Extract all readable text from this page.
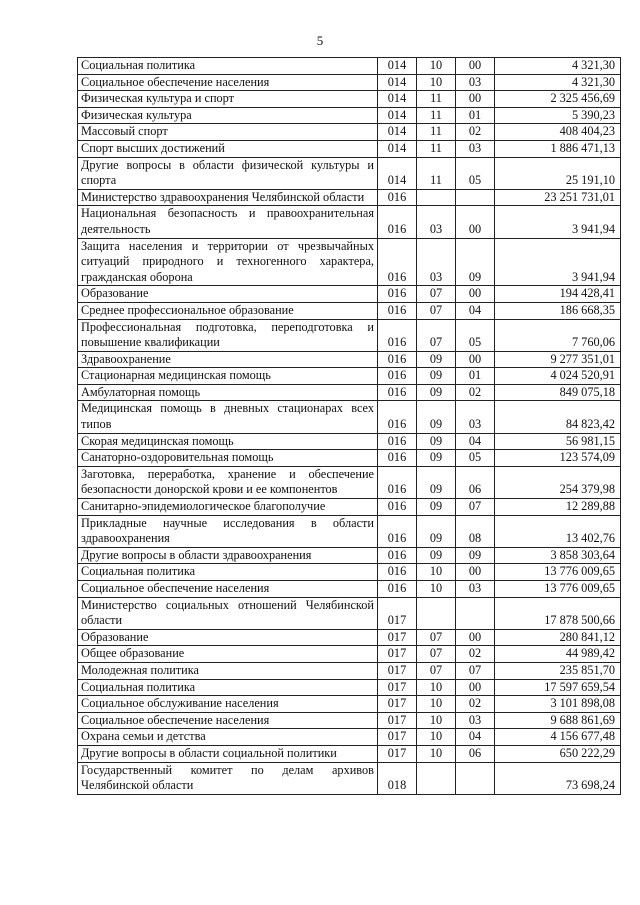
5
Социальная политика	014	10	00	4 321,30
Социальное обеспечение населения	014	10	03	4 321,30
Физическая культура и спорт	014	11	00	2 325 456,69
Физическая культура	014	11	01	5 390,23
Массовый спорт	014	11	02	408 404,23
Спорт высших достижений	014	11	03	1 886 471,13
Другие вопросы в области физической культуры и спорта	014	11	05	25 191,10
Министерство здравоохранения Челябинской области	016			23 251 731,01
Национальная безопасность и правоохранительная деятельность	016	03	00	3 941,94
Защита населения и территории от чрезвычайных ситуаций природного и техногенного характера, гражданская оборона	016	03	09	3 941,94
Образование	016	07	00	194 428,41
Среднее профессиональное образование	016	07	04	186 668,35
Профессиональная подготовка, переподготовка и повышение квалификации	016	07	05	7 760,06
Здравоохранение	016	09	00	9 277 351,01
Стационарная медицинская помощь	016	09	01	4 024 520,91
Амбулаторная помощь	016	09	02	849 075,18
Медицинская помощь в дневных стационарах всех типов	016	09	03	84 823,42
Скорая медицинская помощь	016	09	04	56 981,15
Санаторно-оздоровительная помощь	016	09	05	123 574,09
Заготовка, переработка, хранение и обеспечение безопасности донорской крови и ее компонентов	016	09	06	254 379,98
Санитарно-эпидемиологическое благополучие	016	09	07	12 289,88
Прикладные научные исследования в области здравоохранения	016	09	08	13 402,76
Другие вопросы в области здравоохранения	016	09	09	3 858 303,64
Социальная политика	016	10	00	13 776 009,65
Социальное обеспечение населения	016	10	03	13 776 009,65
Министерство социальных отношений Челябинской области	017			17 878 500,66
Образование	017	07	00	280 841,12
Общее образование	017	07	02	44 989,42
Молодежная политика	017	07	07	235 851,70
Социальная политика	017	10	00	17 597 659,54
Социальное обслуживание населения	017	10	02	3 101 898,08
Социальное обеспечение населения	017	10	03	9 688 861,69
Охрана семьи и детства	017	10	04	4 156 677,48
Другие вопросы в области социальной политики	017	10	06	650 222,29
Государственный комитет по делам архивов Челябинской области	018			73 698,24
